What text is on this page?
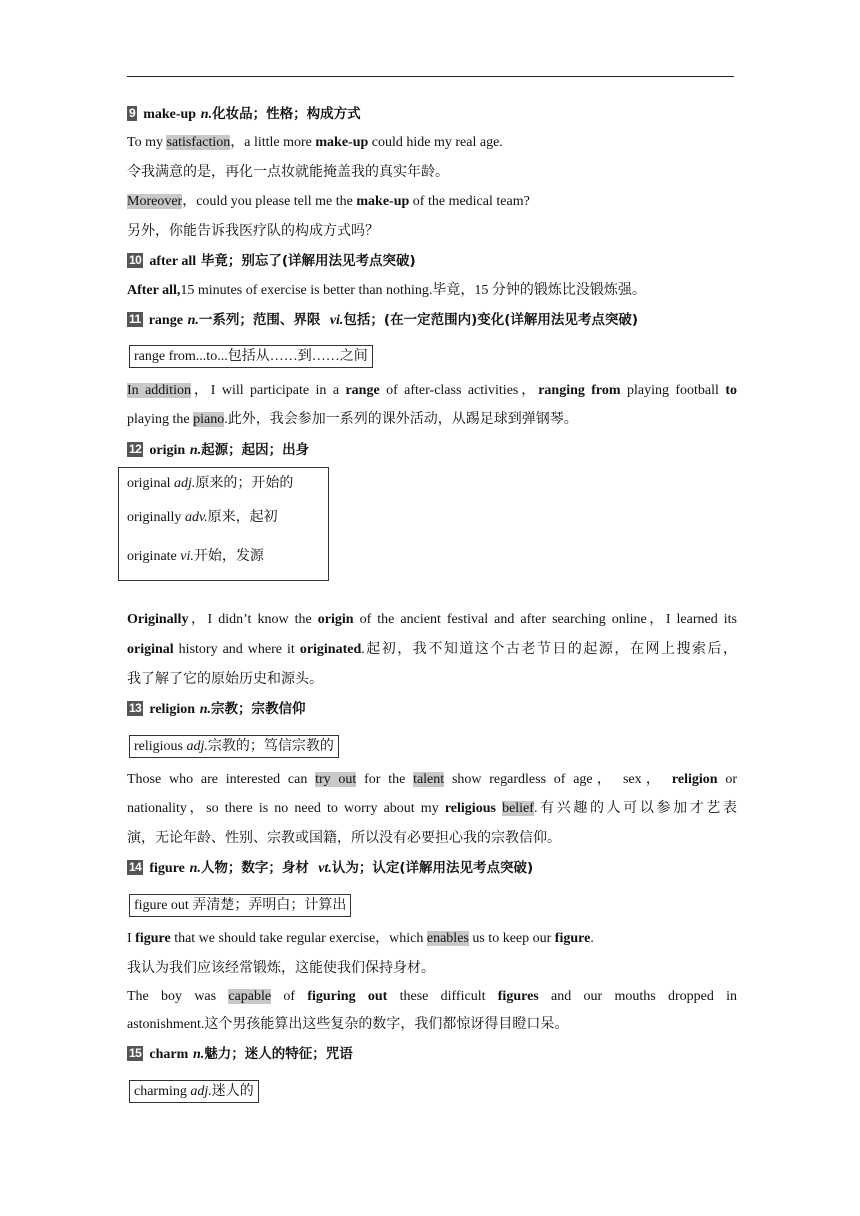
9 make-up n.化妆品；性格；构成方式
To my satisfaction，a little more make-up could hide my real age.
令我满意的是，再化一点妆就能掩盖我的真实年龄。
Moreover，could you please tell me the make-up of the medical team?
另外，你能告诉我医疗队的构成方式吗？
10 after all 毕竟；别忘了(详解用法见考点突破)
After all,15 minutes of exercise is better than nothing.毕竟，15 分钟的锻炼比没锻炼强。
11 range n.一系列；范围、界限 vi.包括；(在一定范围内)变化(详解用法见考点突破)
range from...to...包括从……到……之间
In addition，I will participate in a range of after-class activities，ranging from playing football to
playing the piano.此外，我会参加一系列的课外活动，从踢足球到弹钢琴。
12 origin n.起源；起因；出身
original adj.原来的；开始的
originally adv.原来，起初
originate vi.开始，发源
Originally，I didn’t know the origin of the ancient festival and after searching online，I learned its
original history and where it originated.起初，我不知道这个古老节日的起源，在网上搜索后，
我了解了它的原始历史和源头。
13 religion n.宗教；宗教信仰
religious adj.宗教的；笃信宗教的
Those who are interested can try out for the talent show regardless of age， sex， religion or
nationality，so there is no need to worry about my religious belief.有兴趣的人可以参加才艺表
演，无论年龄、性别、宗教或国籍，所以没有必要担心我的宗教信仰。
14 figure n.人物；数字；身材 vt.认为；认定(详解用法见考点突破)
figure out 弄清楚；弄明白；计算出
I figure that we should take regular exercise，which enables us to keep our figure.
我认为我们应该经常锻炼，这能使我们保持身材。
The boy was capable of figuring out these difficult figures and our mouths dropped in
astonishment.这个男孩能算出这些复杂的数字，我们都惊讶得目瞪口呆。
15 charm n.魅力；迷人的特征；咒语
charming adj.迷人的
